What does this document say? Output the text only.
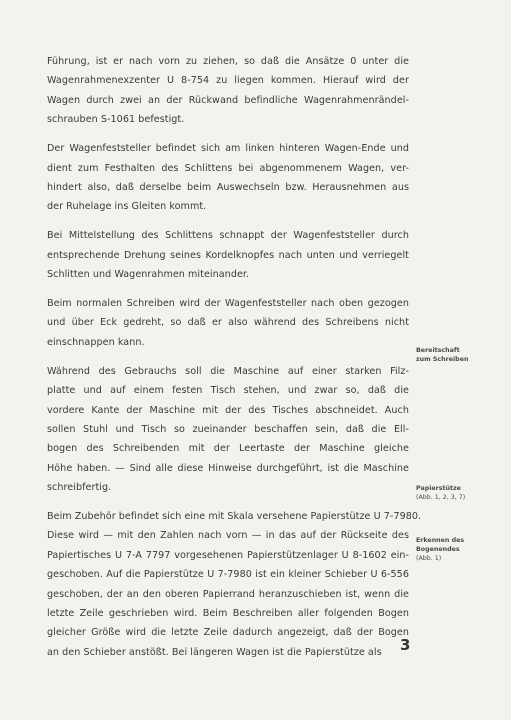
Führung, ist er nach vorn zu ziehen, so daß die Ansätze 0 unter die
Wagenrahmenexzenter U 8-754 zu liegen kommen. Hierauf wird der
Wagen durch zwei an der Rückwand befindliche Wagenrahmenrändel-
schrauben S-1061 befestigt.

Der Wagenfeststeller befindet sich am linken hinteren Wagen-Ende und
dient zum Festhalten des Schlittens bei abgenommenem Wagen, ver-
hindert also, daß derselbe beim Auswechseln bzw. Herausnehmen aus
der Ruhelage ins Gleiten kommt.

Bei Mittelstellung des Schlittens schnappt der Wagenfeststeller durch
entsprechende Drehung seines Kordelknopfes nach unten und verriegelt
Schlitten und Wagenrahmen miteinander.

Beim normalen Schreiben wird der Wagenfeststeller nach oben gezogen
und über Eck gedreht, so daß er also während des Schreibens nicht
einschnappen kann.

Während des Gebrauchs soll die Maschine auf einer starken Filz-
platte und auf einem festen Tisch stehen, und zwar so, daß die
vordere Kante der Maschine mit der des Tisches abschneidet. Auch
sollen Stuhl und Tisch so zueinander beschaffen sein, daß die Ell-
bogen des Schreibenden mit der Leertaste der Maschine gleiche
Höhe haben. — Sind alle diese Hinweise durchgeführt, ist die Maschine
schreibfertig.

Beim Zubehör befindet sich eine mit Skala versehene Papierstütze U 7-7980.
Diese wird — mit den Zahlen nach vorn — in das auf der Rückseite des
Papiertisches U 7-A 7797 vorgesehenen Papierstützenlager U 8-1602 ein-
geschoben. Auf die Papierstütze U 7-7980 ist ein kleiner Schieber U 6-556
geschoben, der an den oberen Papierrand heranzuschieben ist, wenn die
letzte Zeile geschrieben wird. Beim Beschreiben aller folgenden Bogen
gleicher Größe wird die letzte Zeile dadurch angezeigt, daß der Bogen
an den Schieber anstößt. Bei längeren Wagen ist die Papierstütze als

Bereitschaft
zum Schreiben
Papierstütze
(Abb. 1, 2, 3, 7)
Erkennen des
Bogenendes
(Abb. 1)
3
